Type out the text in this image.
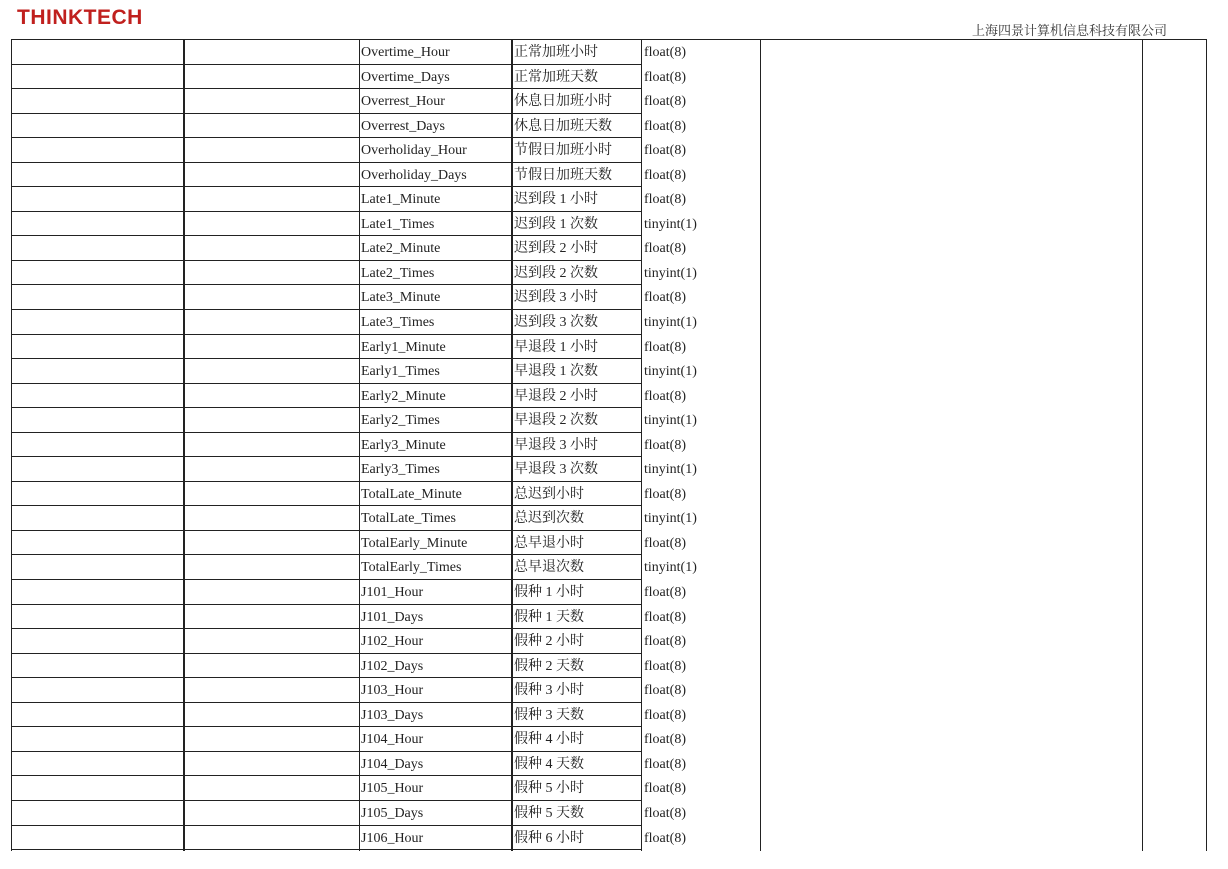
THINKTECH
上海四景计算机信息科技有限公司
Overtime_Hour	正常加班小时	float(8)
Overtime_Days	正常加班天数	float(8)
Overrest_Hour	休息日加班小时	float(8)
Overrest_Days	休息日加班天数	float(8)
Overholiday_Hour	节假日加班小时	float(8)
Overholiday_Days	节假日加班天数	float(8)
Late1_Minute	迟到段 1 小时	float(8)
Late1_Times	迟到段 1 次数	tinyint(1)
Late2_Minute	迟到段 2 小时	float(8)
Late2_Times	迟到段 2 次数	tinyint(1)
Late3_Minute	迟到段 3 小时	float(8)
Late3_Times	迟到段 3 次数	tinyint(1)
Early1_Minute	早退段 1 小时	float(8)
Early1_Times	早退段 1 次数	tinyint(1)
Early2_Minute	早退段 2 小时	float(8)
Early2_Times	早退段 2 次数	tinyint(1)
Early3_Minute	早退段 3 小时	float(8)
Early3_Times	早退段 3 次数	tinyint(1)
TotalLate_Minute	总迟到小时	float(8)
TotalLate_Times	总迟到次数	tinyint(1)
TotalEarly_Minute	总早退小时	float(8)
TotalEarly_Times	总早退次数	tinyint(1)
J101_Hour	假种 1 小时	float(8)
J101_Days	假种 1 天数	float(8)
J102_Hour	假种 2 小时	float(8)
J102_Days	假种 2 天数	float(8)
J103_Hour	假种 3 小时	float(8)
J103_Days	假种 3 天数	float(8)
J104_Hour	假种 4 小时	float(8)
J104_Days	假种 4 天数	float(8)
J105_Hour	假种 5 小时	float(8)
J105_Days	假种 5 天数	float(8)
J106_Hour	假种 6 小时	float(8)
